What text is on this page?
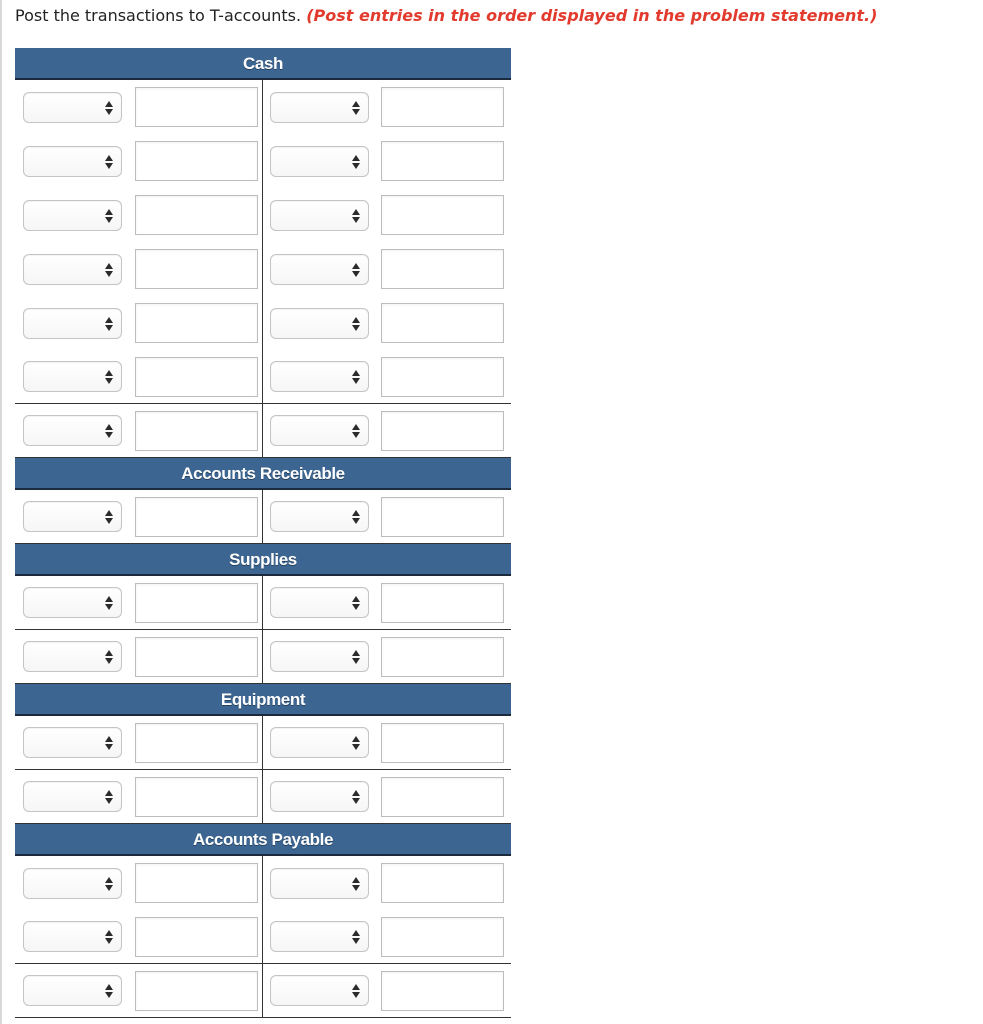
Post the transactions to T-accounts. (Post entries in the order displayed in the problem statement.)
Cash
Accounts Receivable
Supplies
Equipment
Accounts Payable
